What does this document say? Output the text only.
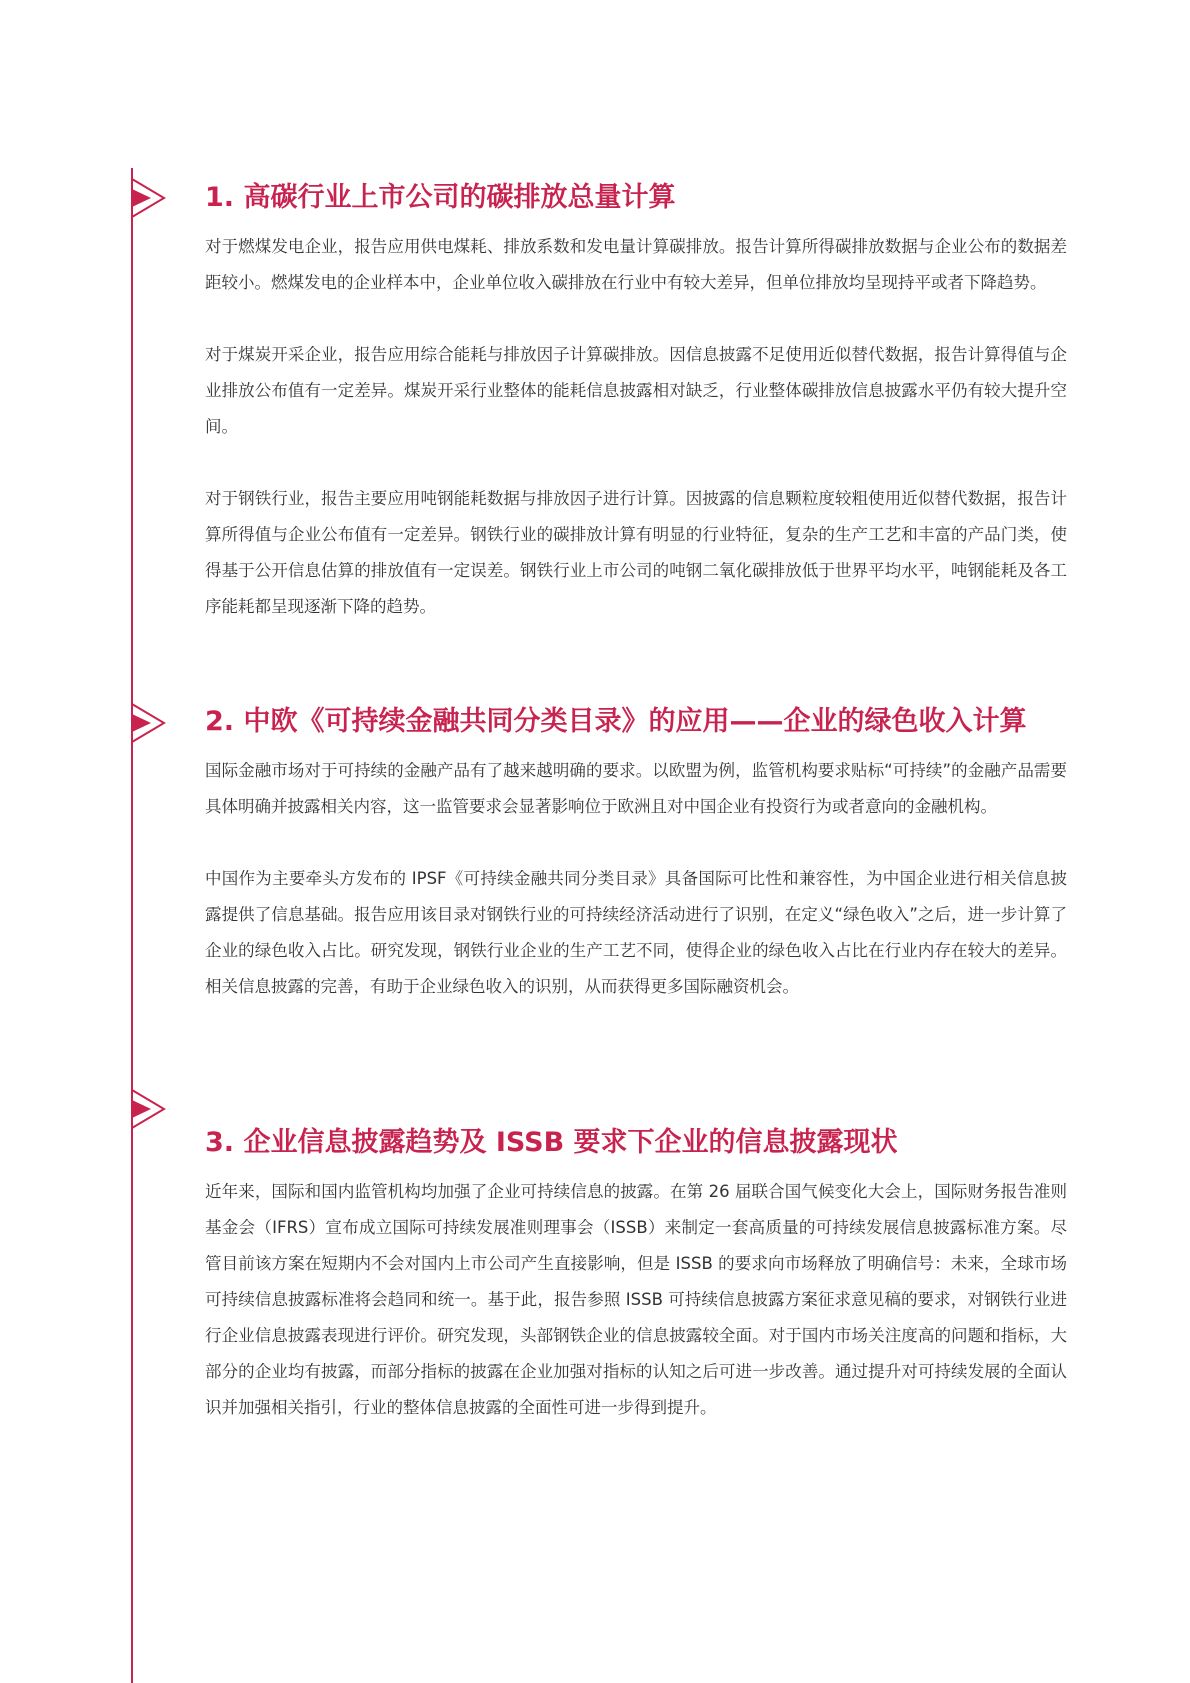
1. 高碳行业上市公司的碳排放总量计算

对于燃煤发电企业，报告应用供电煤耗、排放系数和发电量计算碳排放。报告计算所得碳排放数据与企业公布的数据差距较小。燃煤发电的企业样本中，企业单位收入碳排放在行业中有较大差异，但单位排放均呈现持平或者下降趋势。

对于煤炭开采企业，报告应用综合能耗与排放因子计算碳排放。因信息披露不足使用近似替代数据，报告计算得值与企业排放公布值有一定差异。煤炭开采行业整体的能耗信息披露相对缺乏，行业整体碳排放信息披露水平仍有较大提升空间。

对于钢铁行业，报告主要应用吨钢能耗数据与排放因子进行计算。因披露的信息颗粒度较粗使用近似替代数据，报告计算所得值与企业公布值有一定差异。钢铁行业的碳排放计算有明显的行业特征，复杂的生产工艺和丰富的产品门类，使得基于公开信息估算的排放值有一定误差。钢铁行业上市公司的吨钢二氧化碳排放低于世界平均水平，吨钢能耗及各工序能耗都呈现逐渐下降的趋势。

2. 中欧《可持续金融共同分类目录》的应用——企业的绿色收入计算

国际金融市场对于可持续的金融产品有了越来越明确的要求。以欧盟为例，监管机构要求贴标“可持续”的金融产品需要具体明确并披露相关内容，这一监管要求会显著影响位于欧洲且对中国企业有投资行为或者意向的金融机构。

中国作为主要牵头方发布的 IPSF《可持续金融共同分类目录》具备国际可比性和兼容性，为中国企业进行相关信息披露提供了信息基础。报告应用该目录对钢铁行业的可持续经济活动进行了识别，在定义“绿色收入”之后，进一步计算了企业的绿色收入占比。研究发现，钢铁行业企业的生产工艺不同，使得企业的绿色收入占比在行业内存在较大的差异。相关信息披露的完善，有助于企业绿色收入的识别，从而获得更多国际融资机会。

3. 企业信息披露趋势及 ISSB 要求下企业的信息披露现状

近年来，国际和国内监管机构均加强了企业可持续信息的披露。在第 26 届联合国气候变化大会上，国际财务报告准则基金会（IFRS）宣布成立国际可持续发展准则理事会（ISSB）来制定一套高质量的可持续发展信息披露标准方案。尽管目前该方案在短期内不会对国内上市公司产生直接影响，但是 ISSB 的要求向市场释放了明确信号：未来，全球市场可持续信息披露标准将会趋同和统一。基于此，报告参照 ISSB 可持续信息披露方案征求意见稿的要求，对钢铁行业进行企业信息披露表现进行评价。研究发现，头部钢铁企业的信息披露较全面。对于国内市场关注度高的问题和指标，大部分的企业均有披露，而部分指标的披露在企业加强对指标的认知之后可进一步改善。通过提升对可持续发展的全面认识并加强相关指引，行业的整体信息披露的全面性可进一步得到提升。
